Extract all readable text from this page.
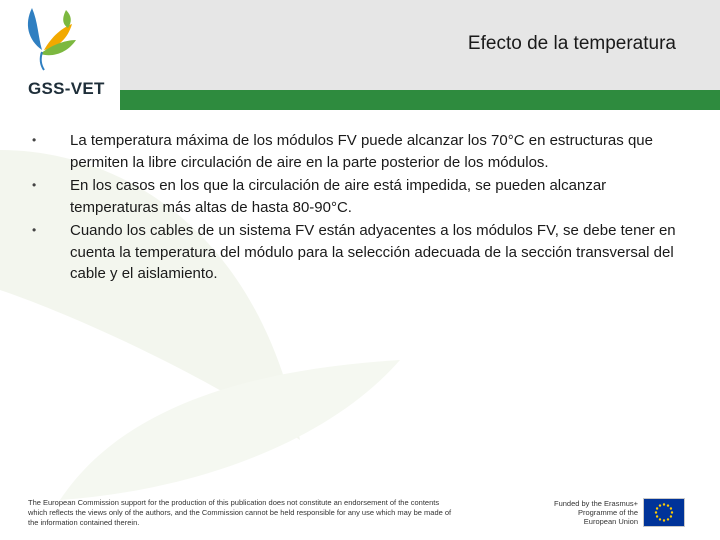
GSS-VET
Efecto de la temperatura
• La temperatura máxima de los módulos FV puede alcanzar los 70°C en estructuras que permiten la libre circulación de aire en la parte posterior de los módulos.
• En los casos en los que la circulación de aire está impedida, se pueden alcanzar temperaturas más altas de hasta 80-90°C.
• Cuando los cables de un sistema FV están adyacentes a los módulos FV, se debe tener en cuenta la temperatura del módulo para la selección adecuada de la sección transversal del cable y el aislamiento.
The European Commission support for the production of this publication does not constitute an endorsement of the contents which reflects the views only of the authors, and the Commission cannot be held responsible for any use which may be made of the information contained therein.
Funded by the Erasmus+ Programme of the European Union
